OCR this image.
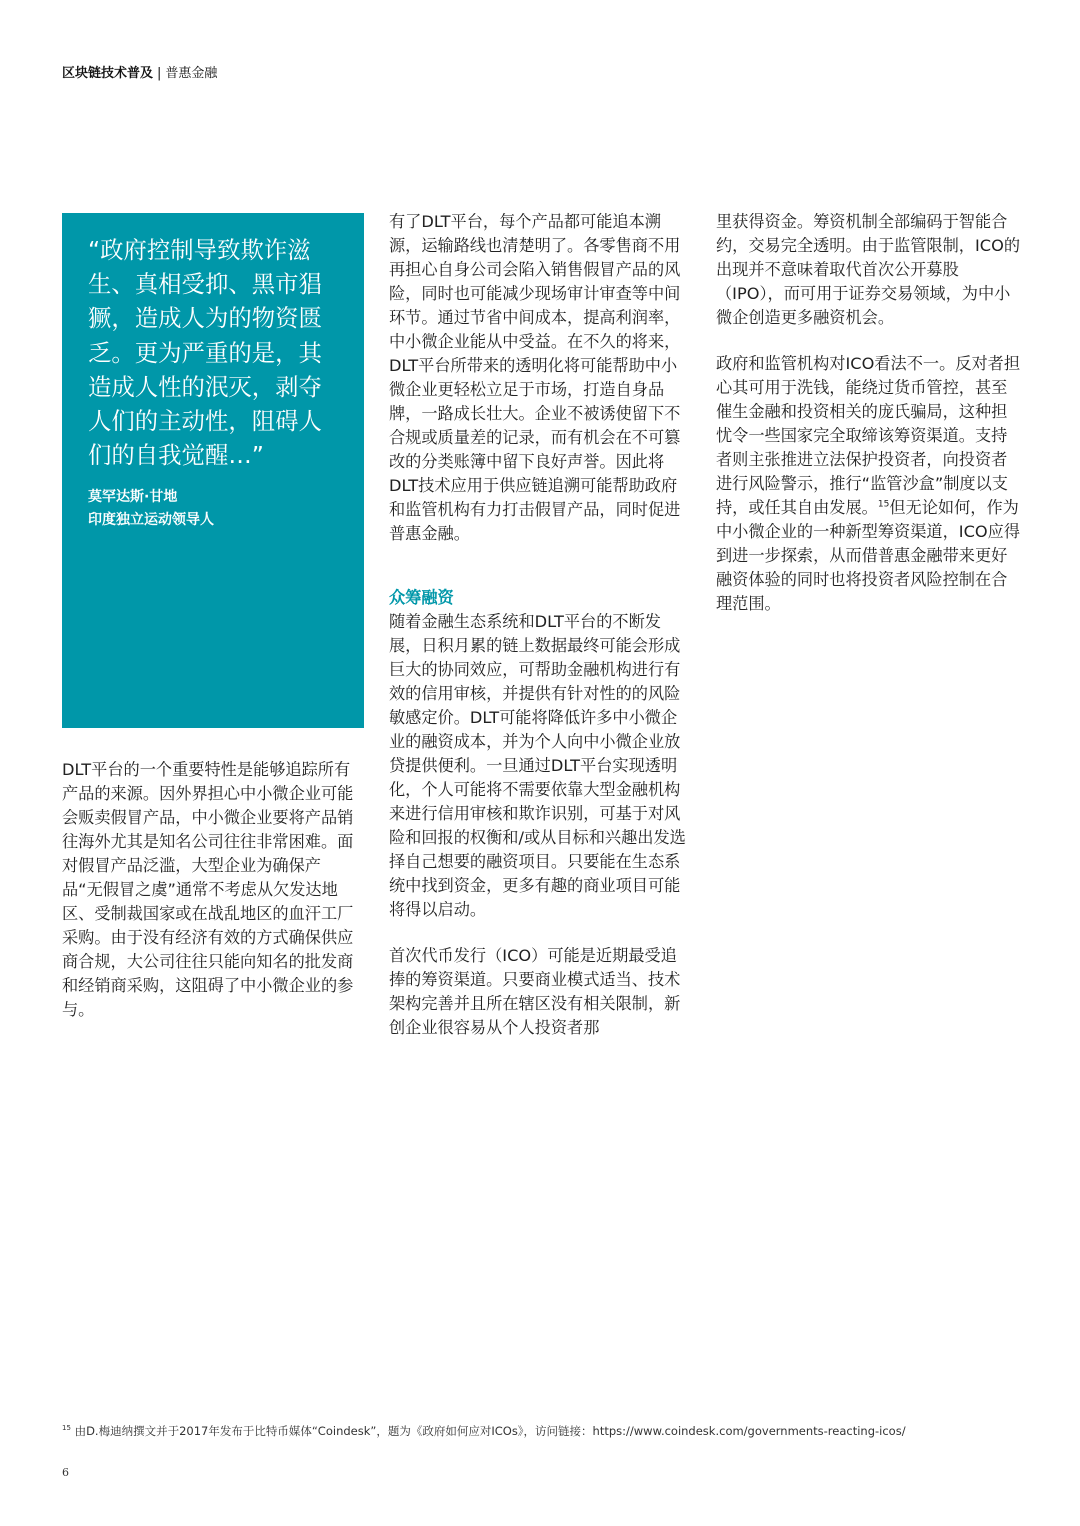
区块链技术普及 | 普惠金融

“政府控制导致欺诈滋生、真相受抑、黑市猖獗，造成人为的物资匮乏。更为严重的是，其造成人性的泯灭，剥夺人们的主动性，阻碍人们的自我觉醒…”

莫罕达斯·甘地
印度独立运动领导人

DLT平台的一个重要特性是能够追踪所有产品的来源。因外界担心中小微企业可能会贩卖假冒产品，中小微企业要将产品销往海外尤其是知名公司往往非常困难。面对假冒产品泛滥，大型企业为确保产品“无假冒之虞”通常不考虑从欠发达地区、受制裁国家或在战乱地区的血汗工厂采购。由于没有经济有效的方式确保供应商合规，大公司往往只能向知名的批发商和经销商采购，这阻碍了中小微企业的参与。

有了DLT平台，每个产品都可能追本溯源，运输路线也清楚明了。各零售商不用再担心自身公司会陷入销售假冒产品的风险，同时也可能减少现场审计审查等中间环节。通过节省中间成本，提高利润率，中小微企业能从中受益。在不久的将来，DLT平台所带来的透明化将可能帮助中小微企业更轻松立足于市场，打造自身品牌，一路成长壮大。企业不被诱使留下不合规或质量差的记录，而有机会在不可篡改的分类账簿中留下良好声誉。因此将DLT技术应用于供应链追溯可能帮助政府和监管机构有力打击假冒产品，同时促进普惠金融。

众筹融资

随着金融生态系统和DLT平台的不断发展，日积月累的链上数据最终可能会形成巨大的协同效应，可帮助金融机构进行有效的信用审核，并提供有针对性的的风险敏感定价。DLT可能将降低许多中小微企业的融资成本，并为个人向中小微企业放贷提供便利。一旦通过DLT平台实现透明化，个人可能将不需要依靠大型金融机构来进行信用审核和欺诈识别，可基于对风险和回报的权衡和/或从目标和兴趣出发选择自己想要的融资项目。只要能在生态系统中找到资金，更多有趣的商业项目可能将得以启动。

首次代币发行（ICO）可能是近期最受追捧的筹资渠道。只要商业模式适当、技术架构完善并且所在辖区没有相关限制，新创企业很容易从个人投资者那

里获得资金。筹资机制全部编码于智能合约，交易完全透明。由于监管限制，ICO的出现并不意味着取代首次公开募股（IPO），而可用于证券交易领域，为中小微企创造更多融资机会。

政府和监管机构对ICO看法不一。反对者担心其可用于洗钱，能绕过货币管控，甚至催生金融和投资相关的庞氏骗局，这种担忧令一些国家完全取缔该筹资渠道。支持者则主张推进立法保护投资者，向投资者进行风险警示，推行“监管沙盒”制度以支持，或任其自由发展。$^{15}$但无论如何，作为中小微企业的一种新型筹资渠道，ICO应得到进一步探索，从而借普惠金融带来更好融资体验的同时也将投资者风险控制在合理范围。

$^{15}$ 由D.梅迪纳撰文并于2017年发布于比特币媒体“Coindesk”，题为《政府如何应对ICOs》，访问链接：https://www.coindesk.com/governments-reacting-icos/
6
